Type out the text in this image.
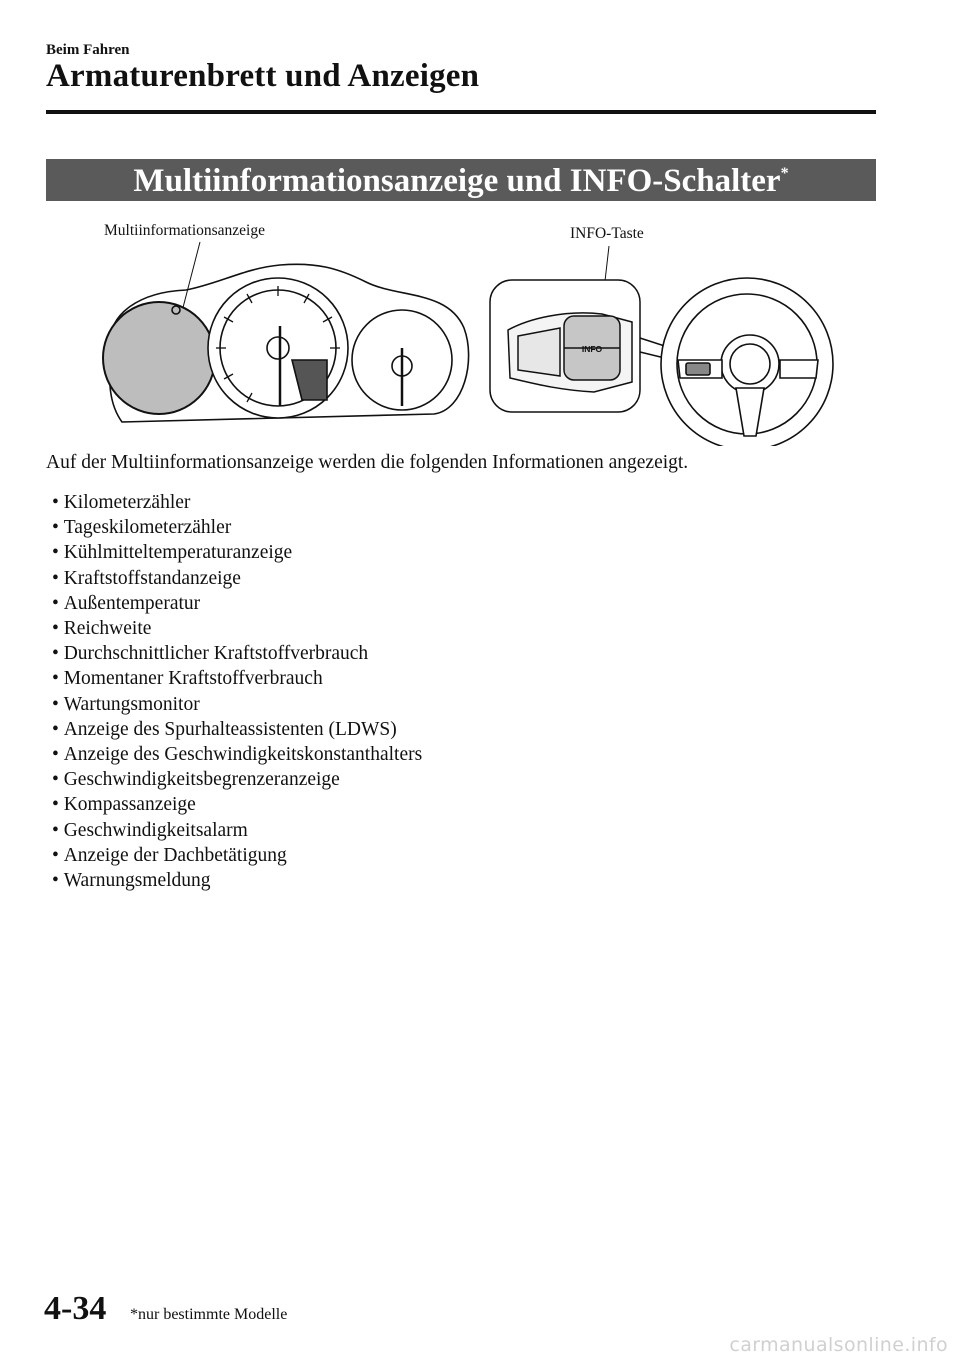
Beim Fahren
Armaturenbrett und Anzeigen
Multiinformationsanzeige und INFO-Schalter*
Multiinformationsanzeige	INFO-Taste
INFO
Auf der Multiinformationsanzeige werden die folgenden Informationen angezeigt.
• Kilometerzähler
• Tageskilometerzähler
• Kühlmitteltemperaturanzeige
• Kraftstoffstandanzeige
• Außentemperatur
• Reichweite
• Durchschnittlicher Kraftstoffverbrauch
• Momentaner Kraftstoffverbrauch
• Wartungsmonitor
• Anzeige des Spurhalteassistenten (LDWS)
• Anzeige des Geschwindigkeitskonstanthalters
• Geschwindigkeitsbegrenzeranzeige
• Kompassanzeige
• Geschwindigkeitsalarm
• Anzeige der Dachbetätigung
• Warnungsmeldung
4-34 *nur bestimmte Modelle
carmanualsonline.info
